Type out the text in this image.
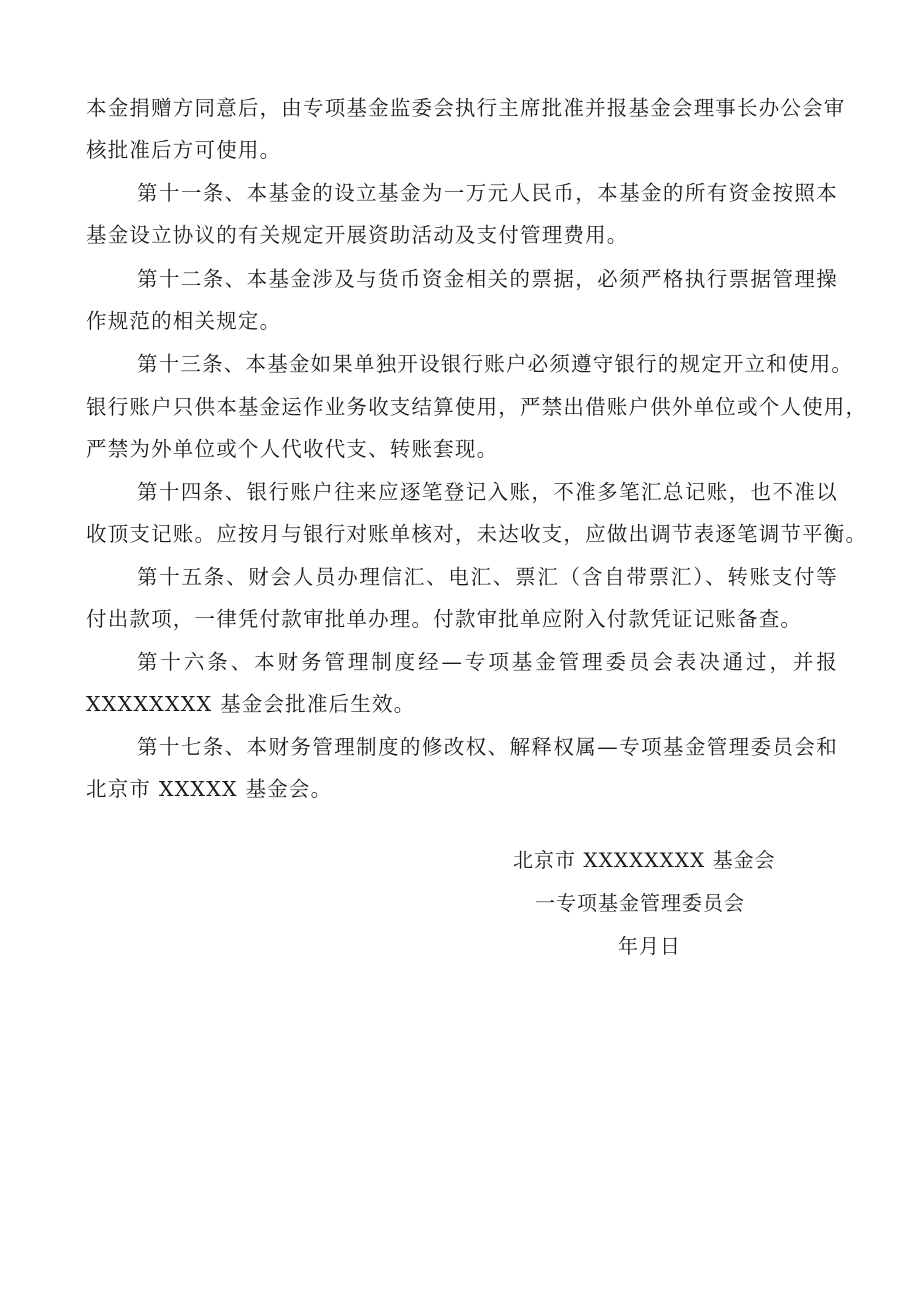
本金捐赠方同意后，由专项基金监委会执行主席批准并报基金会理事长办公会审
核批准后方可使用。
第十一条、本基金的设立基金为一万元人民币，本基金的所有资金按照本
基金设立协议的有关规定开展资助活动及支付管理费用。
第十二条、本基金涉及与货币资金相关的票据，必须严格执行票据管理操
作规范的相关规定。
第十三条、本基金如果单独开设银行账户必须遵守银行的规定开立和使用。
银行账户只供本基金运作业务收支结算使用，严禁出借账户供外单位或个人使用，
严禁为外单位或个人代收代支、转账套现。
第十四条、银行账户往来应逐笔登记入账，不准多笔汇总记账，也不准以
收顶支记账。应按月与银行对账单核对，未达收支，应做出调节表逐笔调节平衡。
第十五条、财会人员办理信汇、电汇、票汇（含自带票汇）、转账支付等
付出款项，一律凭付款审批单办理。付款审批单应附入付款凭证记账备查。
第十六条、本财务管理制度经—专项基金管理委员会表决通过，并报
XXXXXXXX 基金会批准后生效。
第十七条、本财务管理制度的修改权、解释权属—专项基金管理委员会和
北京市 XXXXX 基金会。
北京市 XXXXXXXX 基金会
一专项基金管理委员会
年月日
